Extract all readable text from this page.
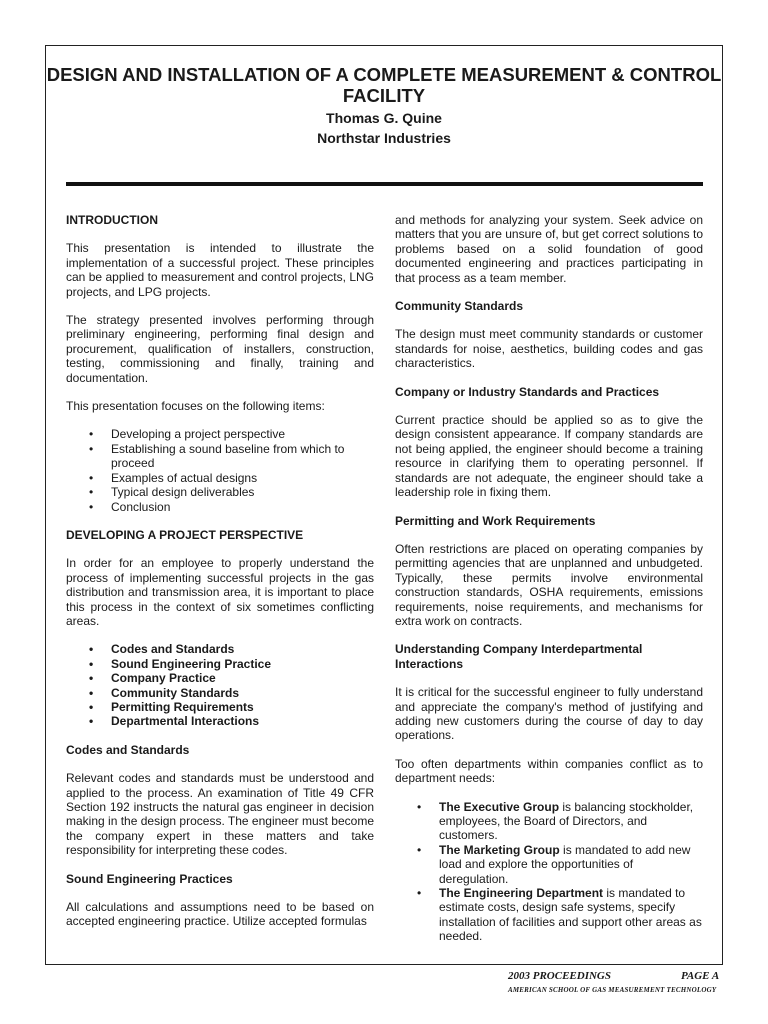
DESIGN AND INSTALLATION OF A COMPLETE MEASUREMENT & CONTROL FACILITY
Thomas G. Quine
Northstar Industries
INTRODUCTION

This presentation is intended to illustrate the implementation of a successful project. These principles can be applied to measurement and control projects, LNG projects, and LPG projects.

The strategy presented involves performing through preliminary engineering, performing final design and procurement, qualification of installers, construction, testing, commissioning and finally, training and documentation.

This presentation focuses on the following items:

• Developing a project perspective
• Establishing a sound baseline from which to proceed
• Examples of actual designs
• Typical design deliverables
• Conclusion
DEVELOPING A PROJECT PERSPECTIVE

In order for an employee to properly understand the process of implementing successful projects in the gas distribution and transmission area, it is important to place this process in the context of six sometimes conflicting areas.

• Codes and Standards
• Sound Engineering Practice
• Company Practice
• Community Standards
• Permitting Requirements
• Departmental Interactions
Codes and Standards

Relevant codes and standards must be understood and applied to the process. An examination of Title 49 CFR Section 192 instructs the natural gas engineer in decision making in the design process. The engineer must become the company expert in these matters and take responsibility for interpreting these codes.

Sound Engineering Practices

All calculations and assumptions need to be based on accepted engineering practice. Utilize accepted formulas

and methods for analyzing your system. Seek advice on matters that you are unsure of, but get correct solutions to problems based on a solid foundation of good documented engineering and practices participating in that process as a team member.

Community Standards

The design must meet community standards or customer standards for noise, aesthetics, building codes and gas characteristics.

Company or Industry Standards and Practices

Current practice should be applied so as to give the design consistent appearance. If company standards are not being applied, the engineer should become a training resource in clarifying them to operating personnel. If standards are not adequate, the engineer should take a leadership role in fixing them.

Permitting and Work Requirements

Often restrictions are placed on operating companies by permitting agencies that are unplanned and unbudgeted. Typically, these permits involve environmental construction standards, OSHA requirements, emissions requirements, noise requirements, and mechanisms for extra work on contracts.

Understanding Company Interdepartmental Interactions

It is critical for the successful engineer to fully understand and appreciate the company's method of justifying and adding new customers during the course of day to day operations.

Too often departments within companies conflict as to department needs:

• The Executive Group is balancing stockholder, employees, the Board of Directors, and customers.
• The Marketing Group is mandated to add new load and explore the opportunities of deregulation.
• The Engineering Department is mandated to estimate costs, design safe systems, specify installation of facilities and support other areas as needed.
2003 PROCEEDINGS	PAGE A
AMERICAN SCHOOL OF GAS MEASUREMENT TECHNOLOGY
